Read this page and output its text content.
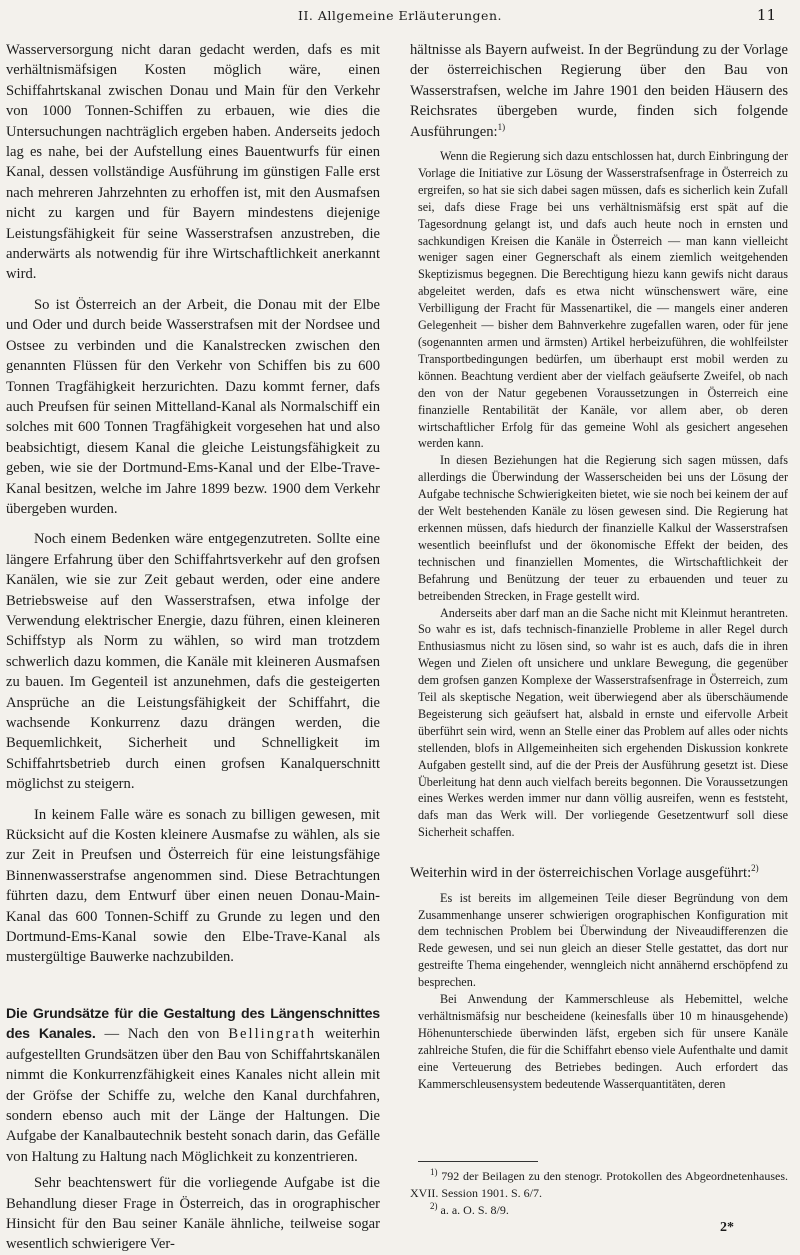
II. Allgemeine Erläuterungen.	11

Wasserversorgung nicht daran gedacht werden, dafs es mit verhältnismäfsigen Kosten möglich wäre, einen Schiffahrtskanal zwischen Donau und Main für den Verkehr von 1000 Tonnen-Schiffen zu erbauen, wie dies die Untersuchungen nachträglich ergeben haben. Anderseits jedoch lag es nahe, bei der Aufstellung eines Bauentwurfs für einen Kanal, dessen vollständige Ausführung im günstigen Falle erst nach mehreren Jahrzehnten zu erhoffen ist, mit den Ausmafsen nicht zu kargen und für Bayern mindestens diejenige Leistungsfähigkeit für seine Wasserstrafsen anzustreben, die anderwärts als notwendig für ihre Wirtschaftlichkeit anerkannt wird.

So ist Österreich an der Arbeit, die Donau mit der Elbe und Oder und durch beide Wasserstrafsen mit der Nordsee und Ostsee zu verbinden und die Kanalstrecken zwischen den genannten Flüssen für den Verkehr von Schiffen bis zu 600 Tonnen Tragfähigkeit herzurichten. Dazu kommt ferner, dafs auch Preufsen für seinen Mittelland-Kanal als Normalschiff ein solches mit 600 Tonnen Tragfähigkeit vorgesehen hat und also beabsichtigt, diesem Kanal die gleiche Leistungsfähigkeit zu geben, wie sie der Dortmund-Ems-Kanal und der Elbe-Trave-Kanal besitzen, welche im Jahre 1899 bezw. 1900 dem Verkehr übergeben wurden.

Noch einem Bedenken wäre entgegenzutreten. Sollte eine längere Erfahrung über den Schiffahrtsverkehr auf den grofsen Kanälen, wie sie zur Zeit gebaut werden, oder eine andere Betriebsweise auf den Wasserstrafsen, etwa infolge der Verwendung elektrischer Energie, dazu führen, einen kleineren Schiffstyp als Norm zu wählen, so wird man trotzdem schwerlich dazu kommen, die Kanäle mit kleineren Ausmafsen zu bauen. Im Gegenteil ist anzunehmen, dafs die gesteigerten Ansprüche an die Leistungsfähigkeit der Schiffahrt, die wachsende Konkurrenz dazu drängen werden, die Bequemlichkeit, Sicherheit und Schnelligkeit im Schiffahrtsbetrieb durch einen grofsen Kanalquerschnitt möglichst zu steigern.

In keinem Falle wäre es sonach zu billigen gewesen, mit Rücksicht auf die Kosten kleinere Ausmafse zu wählen, als sie zur Zeit in Preufsen und Österreich für eine leistungsfähige Binnenwasserstrafse angenommen sind. Diese Betrachtungen führten dazu, dem Entwurf über einen neuen Donau-Main-Kanal das 600 Tonnen-Schiff zu Grunde zu legen und den Dortmund-Ems-Kanal sowie den Elbe-Trave-Kanal als mustergültige Bauwerke nachzubilden.

Die Grundsätze für die Gestaltung des Längenschnittes des Kanales. — Nach den von Bellingrath weiterhin aufgestellten Grundsätzen über den Bau von Schiffahrtskanälen nimmt die Konkurrenzfähigkeit eines Kanales nicht allein mit der Gröfse der Schiffe zu, welche den Kanal durchfahren, sondern ebenso auch mit der Länge der Haltungen. Die Aufgabe der Kanalbautechnik besteht sonach darin, das Gefälle von Haltung zu Haltung nach Möglichkeit zu konzentrieren.

Sehr beachtenswert für die vorliegende Aufgabe ist die Behandlung dieser Frage in Österreich, das in orographischer Hinsicht für den Bau seiner Kanäle ähnliche, teilweise sogar wesentlich schwierigere Ver-

hältnisse als Bayern aufweist. In der Begründung zu der Vorlage der österreichischen Regierung über den Bau von Wasserstrafsen, welche im Jahre 1901 den beiden Häusern des Reichsrates übergeben wurde, finden sich folgende Ausführungen:$^{1)}$

Wenn die Regierung sich dazu entschlossen hat, durch Einbringung der Vorlage die Initiative zur Lösung der Wasserstrafsenfrage in Österreich zu ergreifen, so hat sie sich dabei sagen müssen, dafs es sicherlich kein Zufall sei, dafs diese Frage bei uns verhältnismäfsig erst spät auf die Tagesordnung gelangt ist, und dafs auch heute noch in ernsten und sachkundigen Kreisen die Kanäle in Österreich — man kann vielleicht weniger sagen einer Gegnerschaft als einem ziemlich weitgehenden Skeptizismus begegnen. Die Berechtigung hiezu kann gewifs nicht daraus abgeleitet werden, dafs es etwa nicht wünschenswert wäre, eine Verbilligung der Fracht für Massenartikel, die — mangels einer anderen Gelegenheit — bisher dem Bahnverkehre zugefallen waren, oder für jene (sogenannten armen und ärmsten) Artikel herbeizuführen, die wohlfeilster Transportbedingungen bedürfen, um überhaupt erst mobil werden zu können. Beachtung verdient aber der vielfach geäufserte Zweifel, ob nach den von der Natur gegebenen Voraussetzungen in Österreich eine finanzielle Rentabilität der Kanäle, vor allem aber, ob deren wirtschaftlicher Erfolg für das gemeine Wohl als gesichert angesehen werden kann.

In diesen Beziehungen hat die Regierung sich sagen müssen, dafs allerdings die Überwindung der Wasserscheiden bei uns der Lösung der Aufgabe technische Schwierigkeiten bietet, wie sie noch bei keinem der auf der Welt bestehenden Kanäle zu lösen gewesen sind. Die Regierung hat erkennen müssen, dafs hiedurch der finanzielle Kalkul der Wasserstrafsen wesentlich beeinflufst und der ökonomische Effekt der beiden, des technischen und finanziellen Momentes, die Wirtschaftlichkeit der Befahrung und Benützung der teuer zu erbauenden und teuer zu betreibenden Strecken, in Frage gestellt wird.

Anderseits aber darf man an die Sache nicht mit Kleinmut herantreten. So wahr es ist, dafs technisch-finanzielle Probleme in aller Regel durch Enthusiasmus nicht zu lösen sind, so wahr ist es auch, dafs die in ihren Wegen und Zielen oft unsichere und unklare Bewegung, die gegenüber dem grofsen ganzen Komplexe der Wasserstrafsenfrage in Österreich, zum Teil als skeptische Negation, weit überwiegend aber als überschäumende Begeisterung sich geäufsert hat, alsbald in ernste und eifervolle Arbeit überführt sein wird, wenn an Stelle einer das Problem auf alles oder nichts stellenden, blofs in Allgemeinheiten sich ergehenden Diskussion konkrete Aufgaben gestellt sind, auf die der Preis der Ausführung gesetzt ist. Diese Überleitung hat denn auch vielfach bereits begonnen. Die Voraussetzungen eines Werkes werden immer nur dann völlig ausreifen, wenn es feststeht, dafs man das Werk will. Der vorliegende Gesetzentwurf soll diese Sicherheit schaffen.

Weiterhin wird in der österreichischen Vorlage ausgeführt:$^{2)}$

Es ist bereits im allgemeinen Teile dieser Begründung von dem Zusammenhange unserer schwierigen orographischen Konfiguration mit dem technischen Problem bei Überwindung der Niveaudifferenzen die Rede gewesen, und sei nun gleich an dieser Stelle gestattet, das dort nur gestreifte Thema eingehender, wenngleich nicht annähernd erschöpfend zu besprechen.

Bei Anwendung der Kammerschleuse als Hebemittel, welche verhältnismäfsig nur bescheidene (keinesfalls über 10 m hinausgehende) Höhenunterschiede überwinden läfst, ergeben sich für unsere Kanäle zahlreiche Stufen, die für die Schiffahrt ebenso viele Aufenthalte und damit eine Verteuerung des Betriebes bedingen. Auch erfordert das Kammerschleusensystem bedeutende Wasserquantitäten, deren

$^{1)}$ 792 der Beilagen zu den stenogr. Protokollen des Abgeordnetenhauses. XVII. Session 1901. S. 6/7.

$^{2)}$ a. a. O. S. 8/9.

2*
